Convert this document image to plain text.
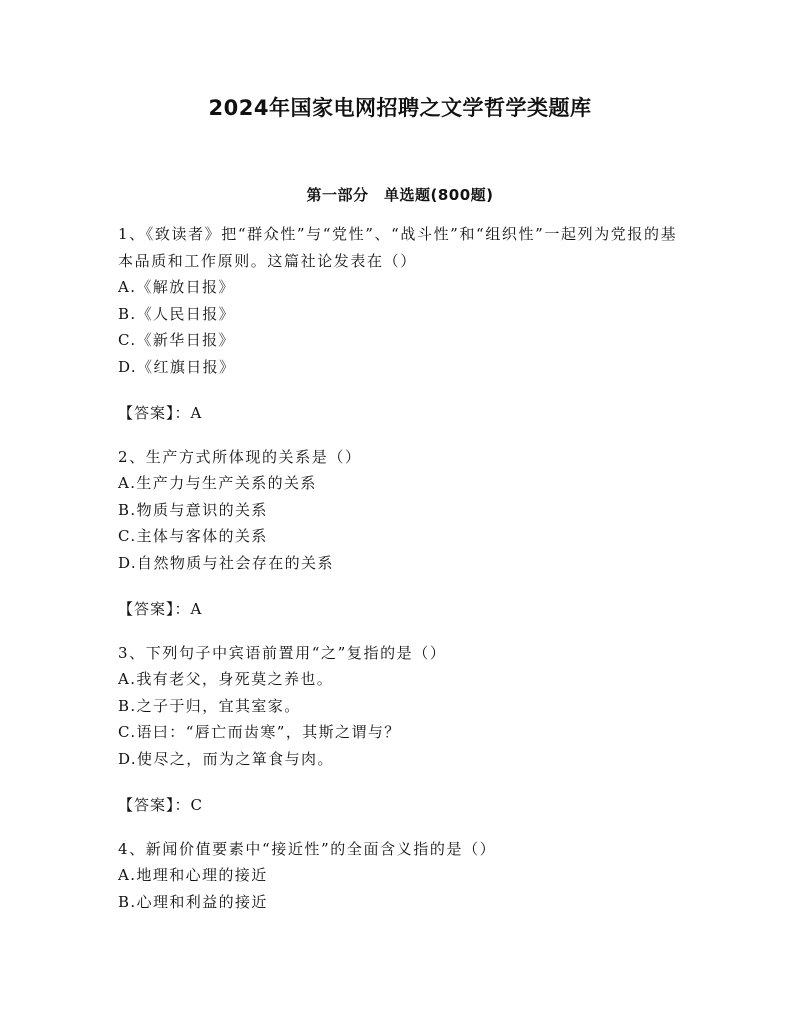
2024年国家电网招聘之文学哲学类题库
第一部分　单选题(800题)
1、《致读者》把“群众性”与“党性”、“战斗性”和“组织性”一起列为党报的基本品质和工作原则。这篇社论发表在（）
A.《解放日报》
B.《人民日报》
C.《新华日报》
D.《红旗日报》
【答案】：A
2、生产方式所体现的关系是（）
A.生产力与生产关系的关系
B.物质与意识的关系
C.主体与客体的关系
D.自然物质与社会存在的关系
【答案】：A
3、下列句子中宾语前置用“之”复指的是（）
A.我有老父，身死莫之养也。
B.之子于归，宜其室家。
C.语曰：“唇亡而齿寒”，其斯之谓与？
D.使尽之，而为之箪食与肉。
【答案】：C
4、新闻价值要素中“接近性”的全面含义指的是（）
A.地理和心理的接近
B.心理和利益的接近
